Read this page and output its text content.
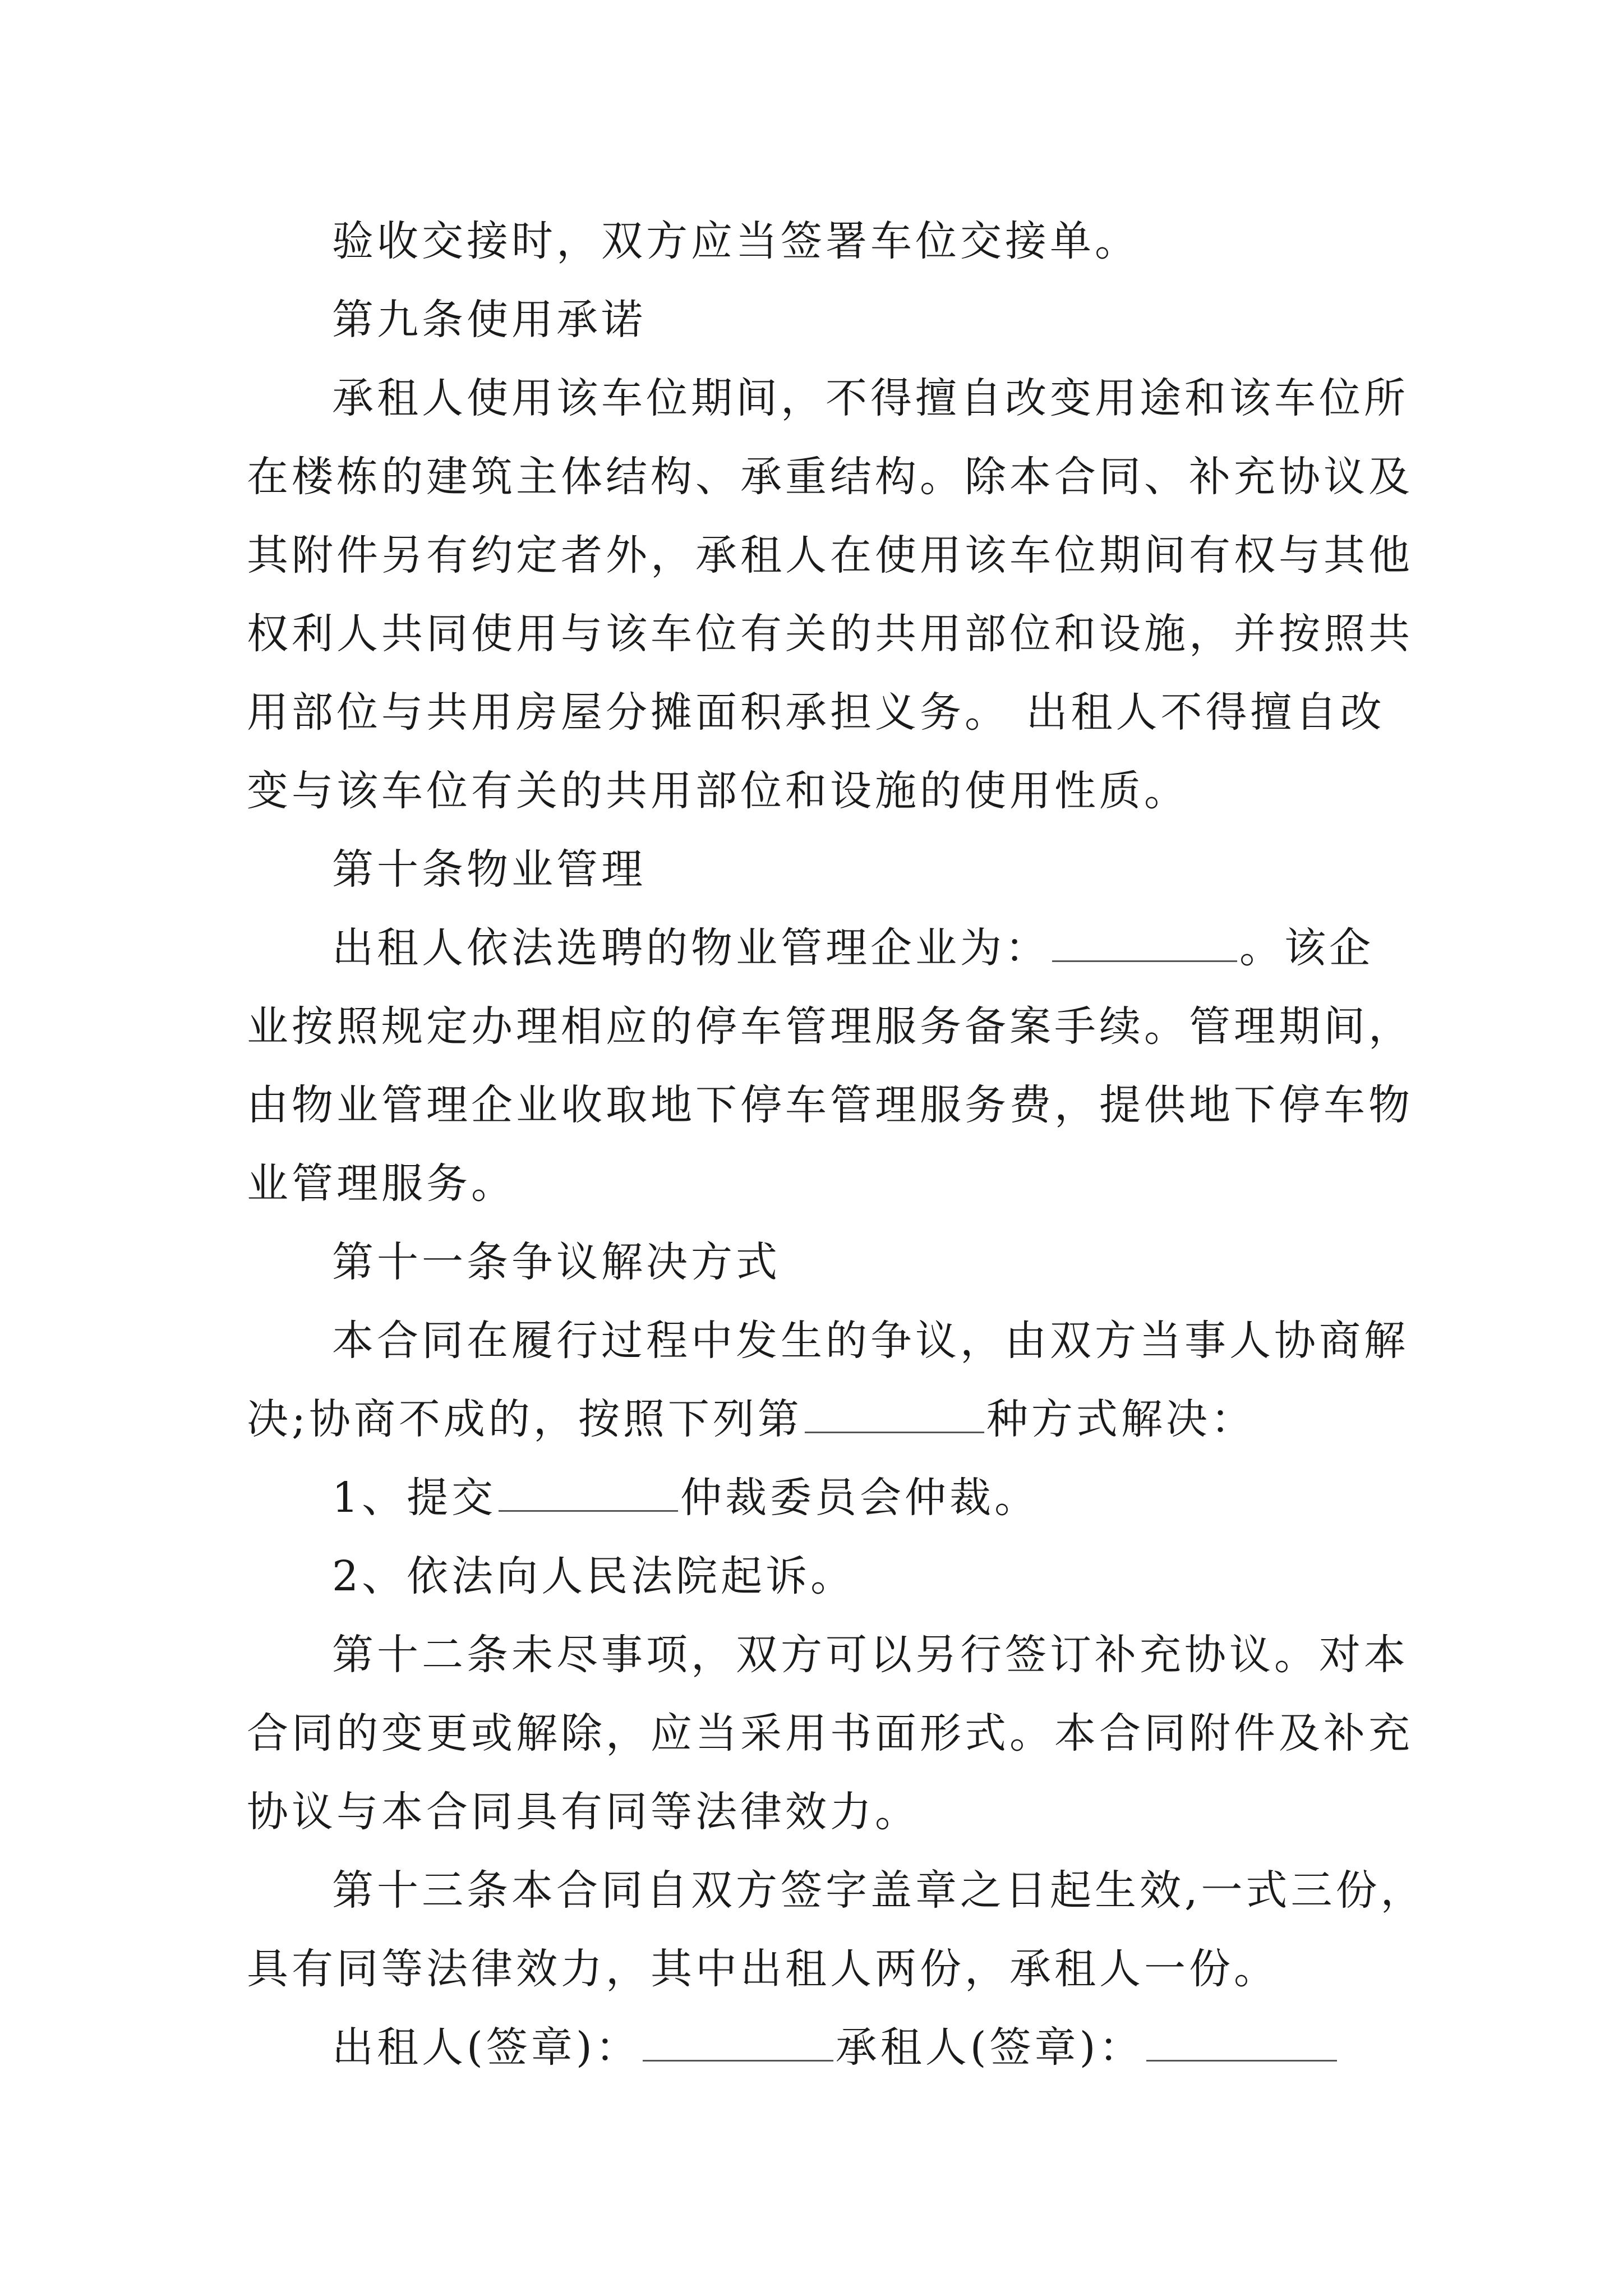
验收交接时，双方应当签署车位交接单。
第九条使用承诺
承租人使用该车位期间，不得擅自改变用途和该车位所
在楼栋的建筑主体结构、承重结构。除本合同、补充协议及
其附件另有约定者外，承租人在使用该车位期间有权与其他
权利人共同使用与该车位有关的共用部位和设施，并按照共
用部位与共用房屋分摊面积承担义务。 出租人不得擅自改
变与该车位有关的共用部位和设施的使用性质。
第十条物业管理
出租人依法选聘的物业管理企业为：	。该企
业按照规定办理相应的停车管理服务备案手续。管理期间，
由物业管理企业收取地下停车管理服务费，提供地下停车物
业管理服务。
第十一条争议解决方式
本合同在履行过程中发生的争议，由双方当事人协商解
决;协商不成的，按照下列第	种方式解决：
1、提交	仲裁委员会仲裁。
2、依法向人民法院起诉。
第十二条未尽事项，双方可以另行签订补充协议。对本
合同的变更或解除，应当采用书面形式。本合同附件及补充
协议与本合同具有同等法律效力。
第十三条本合同自双方签字盖章之日起生效,一式三份，
具有同等法律效力，其中出租人两份，承租人一份。
出租人(签章)：	承租人(签章)：
